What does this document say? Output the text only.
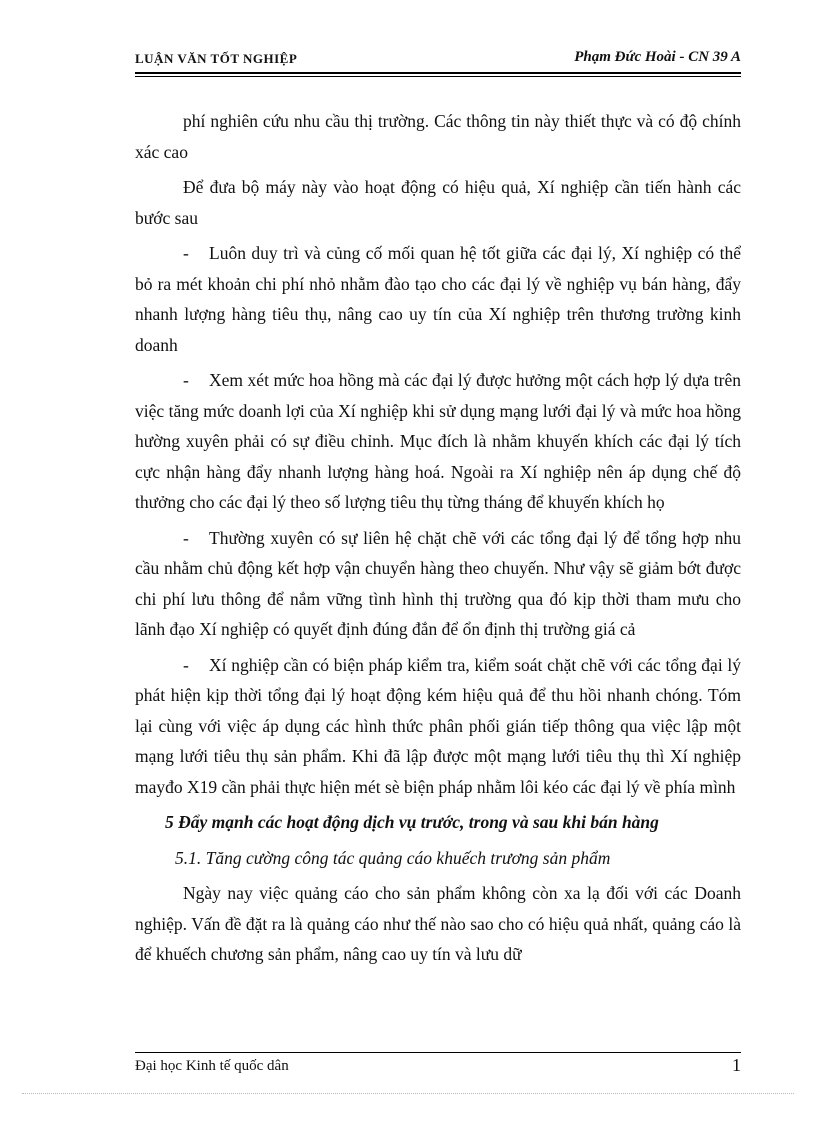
LUẬN VĂN TỐT NGHIỆP	Phạm Đức Hoài - CN 39 A

phí nghiên cứu nhu cầu thị trường. Các thông tin này thiết thực và có độ chính xác cao

Để đưa bộ máy này vào hoạt động có hiệu quả, Xí nghiệp cần tiến hành các bước sau

- Luôn duy trì và củng cố mối quan hệ tốt giữa các đại lý, Xí nghiệp có thể bỏ ra mét khoản chi phí nhỏ nhằm đào tạo cho các đại lý về nghiệp vụ bán hàng, đẩy nhanh lượng hàng tiêu thụ, nâng cao uy tín của Xí nghiệp trên thương trường kinh doanh

- Xem xét mức hoa hồng mà các đại lý được hưởng một cách hợp lý dựa trên việc tăng mức doanh lợi của Xí nghiệp khi sử dụng mạng lưới đại lý và mức hoa hồng hường xuyên phải có sự điều chỉnh. Mục đích là nhằm khuyến khích các đại lý tích cực nhận hàng đẩy nhanh lượng hàng hoá. Ngoài ra Xí nghiệp nên áp dụng chế độ thưởng cho các đại lý theo số lượng tiêu thụ từng tháng để khuyến khích họ

- Thường xuyên có sự liên hệ chặt chẽ với các tổng đại lý để tổng hợp nhu cầu nhằm chủ động kết hợp vận chuyển hàng theo chuyến. Như vậy sẽ giảm bớt được chi phí lưu thông để nắm vững tình hình thị trường qua đó kịp thời tham mưu cho lãnh đạo Xí nghiệp có quyết định đúng đắn để ổn định thị trường giá cả

- Xí nghiệp cần có biện pháp kiểm tra, kiểm soát chặt chẽ với các tổng đại lý phát hiện kịp thời tổng đại lý hoạt động kém hiệu quả để thu hồi nhanh chóng. Tóm lại cùng với việc áp dụng các hình thức phân phối gián tiếp thông qua việc lập một mạng lưới tiêu thụ sản phẩm. Khi đã lập được một mạng lưới tiêu thụ thì Xí nghiệp mayđo X19 cần phải thực hiện mét sè biện pháp nhằm lôi kéo các đại lý về phía mình

5 Đẩy mạnh các hoạt động dịch vụ trước, trong và sau khi bán hàng

5.1. Tăng cường công tác quảng cáo khuếch trương sản phẩm

Ngày nay việc quảng cáo cho sản phẩm không còn xa lạ đối với các Doanh nghiệp. Vấn đề đặt ra là quảng cáo như thế nào sao cho có hiệu quả nhất, quảng cáo là để khuếch chương sản phẩm, nâng cao uy tín và lưu dữ

Đại học Kinh tế quốc dân	1
